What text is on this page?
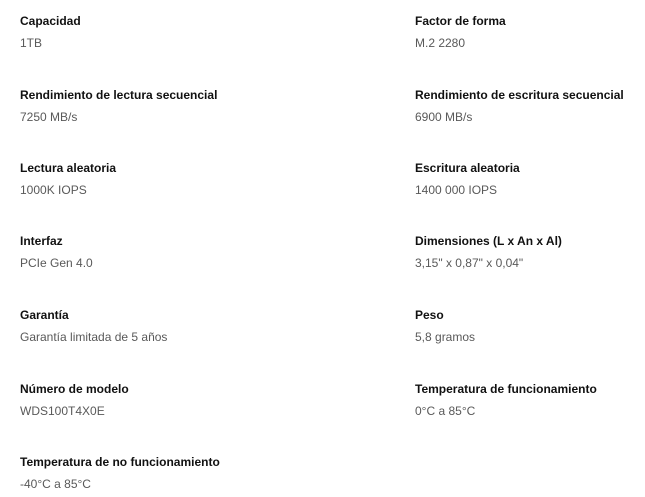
Capacidad
1TB
Factor de forma
M.2 2280
Rendimiento de lectura secuencial
7250 MB/s
Rendimiento de escritura secuencial
6900 MB/s
Lectura aleatoria
1000K IOPS
Escritura aleatoria
1400 000 IOPS
Interfaz
PCIe Gen 4.0
Dimensiones (L x An x Al)
3,15" x 0,87" x 0,04"
Garantía
Garantía limitada de 5 años
Peso
5,8 gramos
Número de modelo
WDS100T4X0E
Temperatura de funcionamiento
0°C a 85°C
Temperatura de no funcionamiento
-40°C a 85°C
